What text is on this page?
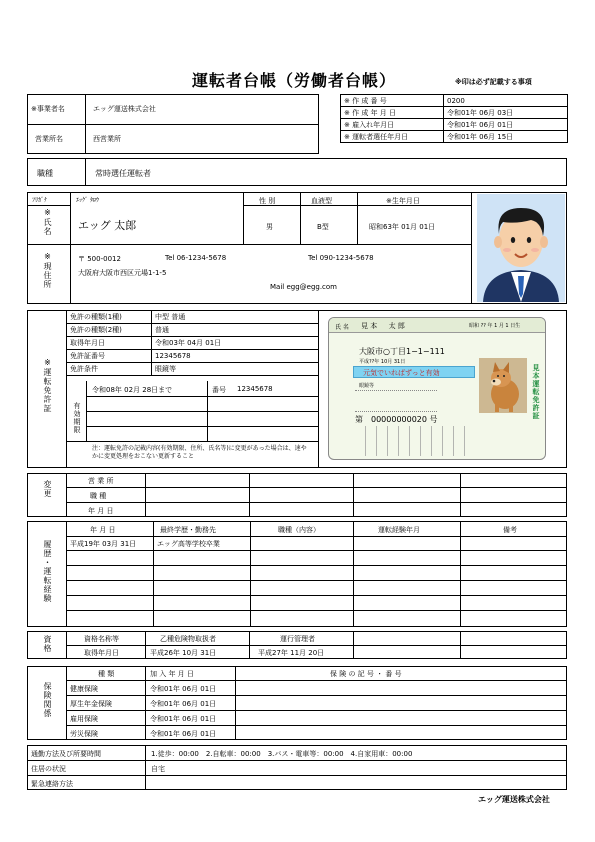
運転者台帳（労働者台帳）	※印は必ず記載する事項
※事業者名	エッグ運送株式会社
営業所名	西営業所
※ 作 成 番 号	0200
※ 作 成 年 月 日	令和01年 06月 03日
※ 雇入れ年月日	令和01年 06月 01日
※ 運転者選任年月日	令和01年 06月 15日
職種	常時選任運転者
ﾌﾘｶﾞﾅ	ｴｯｸﾞ ﾀﾛｳ
※氏名 エッグ 太郎
性 別	血液型	※生年月日
男	B型	昭和63年 01月 01日
※現住所	〒 500-0012	Tel 06-1234-5678	Tel 090-1234-5678
大阪府大阪市西区元場1-1-5
Mail egg@egg.com
※運転免許証
免許の種類(1種)	中型 普通
免許の種類(2種)	普通
取得年月日	令和03年 04月 01日
免許証番号	12345678
免許条件	眼鏡等
有効期限
令和08年 02月 28日まで	番号 12345678
注：運転免許の記載内容(有効期限、住所、氏名等)に変更があった場合は、速やかに変更処理をおこない更新すること
氏 名 見 本 　 太 郎	昭和 ?? 年 1 月 1 日生
大阪市○丁目1−1−111
平成??年 10月 31日
元気でいればずっと有効
眼鏡等
第　00000000020 号	見本運転免許証
変更	営 業 所
職 種
年 月 日
履歴・運転経験
年 月 日	最終学歴・勤務先	職種（内容）	運転経験年月	備考
平成19年 03月 31日	エッグ高等学校卒業
資格	資格名称等	乙種危険物取扱者	運行管理者
取得年月日	平成26年 10月 31日	平成27年 11月 20日
保険関係
種 類	加 入 年 月 日	保 険 の 記 号 ・ 番 号
健康保険	令和01年 06月 01日
厚生年金保険	令和01年 06月 01日
雇用保険	令和01年 06月 01日
労災保険	令和01年 06月 01日
通勤方法及び所要時間	1.徒歩：00:00　2.自転車：00:00　3.バス・電車等：00:00　4.自家用車：00:00
住居の状況	自宅
緊急連絡方法
エッグ運送株式会社
